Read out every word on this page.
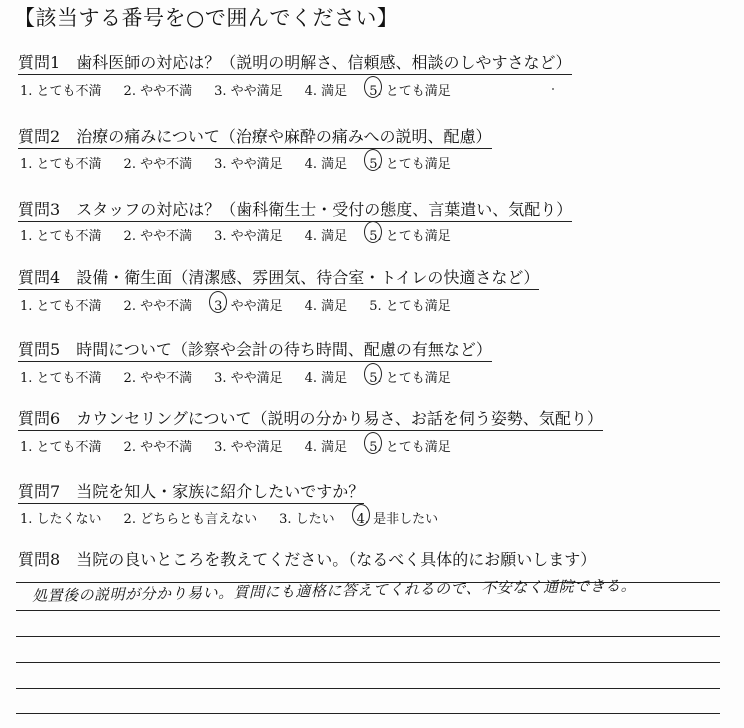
【該当する番号を○で囲んでください】
質問1 歯科医師の対応は？（説明の明解さ、信頼感、相談のしやすさなど）
1. とても不満 2. やや不満 3. やや満足 4. 満足 5. とても満足
質問2 治療の痛みについて（治療や麻酔の痛みへの説明、配慮）
1. とても不満 2. やや不満 3. やや満足 4. 満足 5. とても満足
質問3 スタッフの対応は？（歯科衛生士・受付の態度、言葉遣い、気配り）
1. とても不満 2. やや不満 3. やや満足 4. 満足 5. とても満足
質問4 設備・衛生面（清潔感、雰囲気、待合室・トイレの快適さなど）
1. とても不満 2. やや不満 3. やや満足 4. 満足 5. とても満足
質問5 時間について（診察や会計の待ち時間、配慮の有無など）
1. とても不満 2. やや不満 3. やや満足 4. 満足 5. とても満足
質問6 カウンセリングについて（説明の分かり易さ、お話を伺う姿勢、気配り）
1. とても不満 2. やや不満 3. やや満足 4. 満足 5. とても満足
質問7 当院を知人・家族に紹介したいですか？
1. したくない 2. どちらとも言えない 3. したい 4. 是非したい
質問8 当院の良いところを教えてください。（なるべく具体的にお願いします）
処置後の説明が分かり易い。質問にも適格に答えてくれるので、不安なく通院できる。
